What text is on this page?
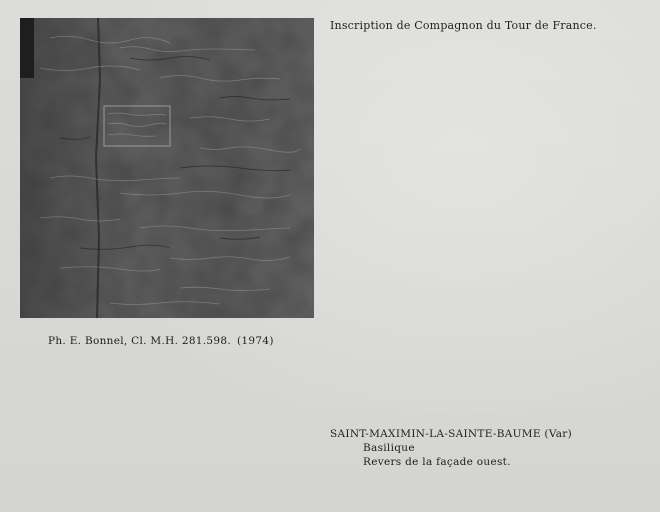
Inscription de Compagnon du Tour de France.
Ph. E. Bonnel, Cl. M.H. 281.598. (1974)
SAINT-MAXIMIN-LA-SAINTE-BAUME (Var)
Basilique
Revers de la façade ouest.
